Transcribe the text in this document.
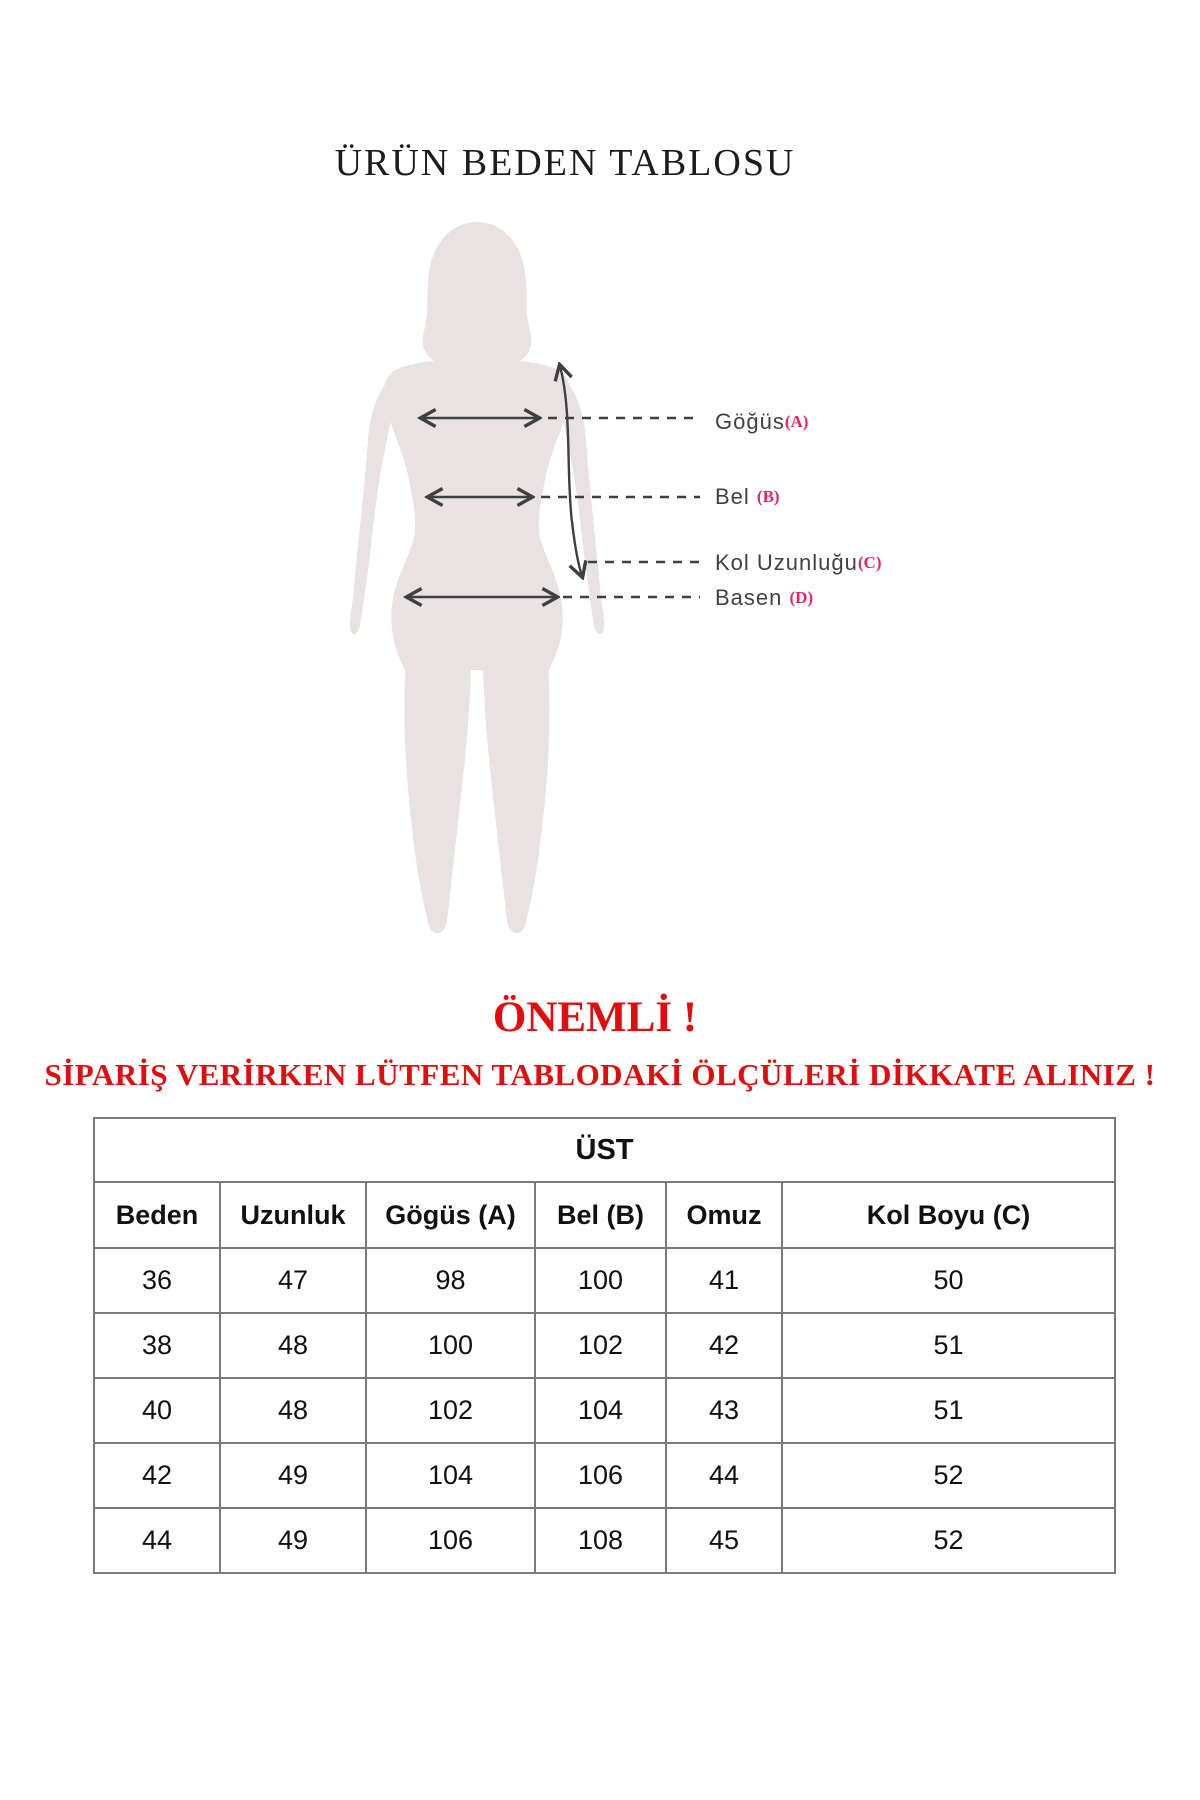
ÜRÜN BEDEN TABLOSU
Göğüs(A)
Bel (B)
Kol Uzunluğu(C)
Basen (D)
ÖNEMLİ !
SİPARİŞ VERİRKEN LÜTFEN TABLODAKİ ÖLÇÜLERİ DİKKATE ALINIZ !
ÜST					
Beden	Uzunluk	Gögüs (A)	Bel (B)	Omuz	Kol Boyu (C)
36	47	98	100	41	50
38	48	100	102	42	51
40	48	102	104	43	51
42	49	104	106	44	52
44	49	106	108	45	52
